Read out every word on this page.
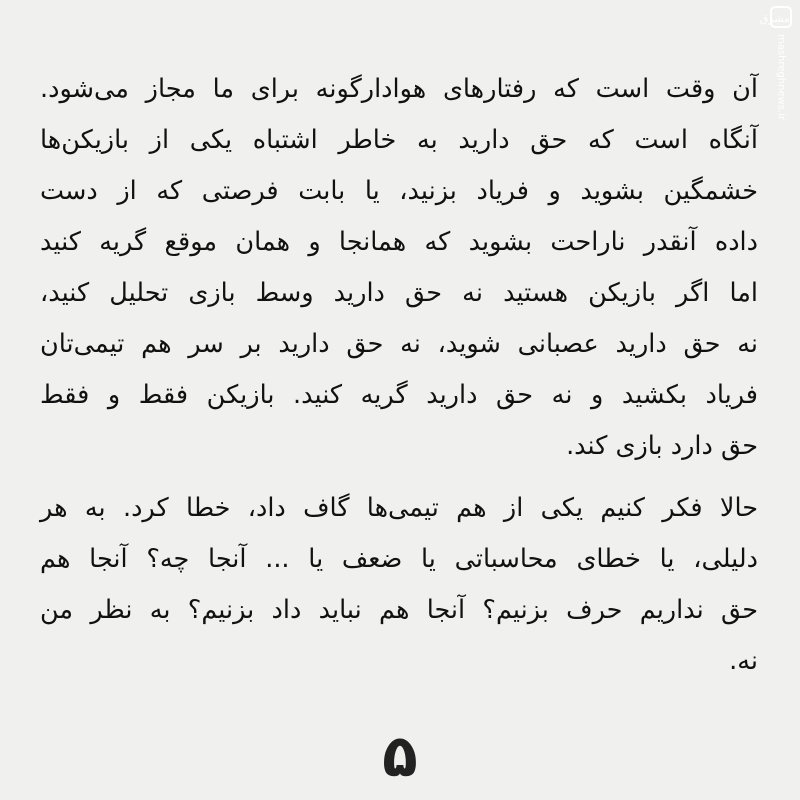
مشرق
mashreghnews.ir
آن وقت است که رفتارهای هوادارگونه برای ما مجاز می‌شود.
آنگاه است که حق دارید به خاطر اشتباه یکی از بازیکن‌ها
خشمگین بشوید و فریاد بزنید، یا بابت فرصتی که از دست
داده آنقدر ناراحت بشوید که همانجا و همان موقع گریه کنید
اما اگر بازیکن هستید نه حق دارید وسط بازی تحلیل کنید،
نه حق دارید عصبانی شوید، نه حق دارید بر سر هم تیمی‌تان
فریاد بکشید و نه حق دارید گریه کنید. بازیکن فقط و فقط
حق دارد بازی کند.
حالا فکر کنیم یکی از هم تیمی‌ها گاف داد، خطا کرد. به هر
دلیلی، یا خطای محاسباتی یا ضعف یا ... آنجا چه؟ آنجا هم
حق نداریم حرف بزنیم؟ آنجا هم نباید داد بزنیم؟ به نظر من
نه.
۵
